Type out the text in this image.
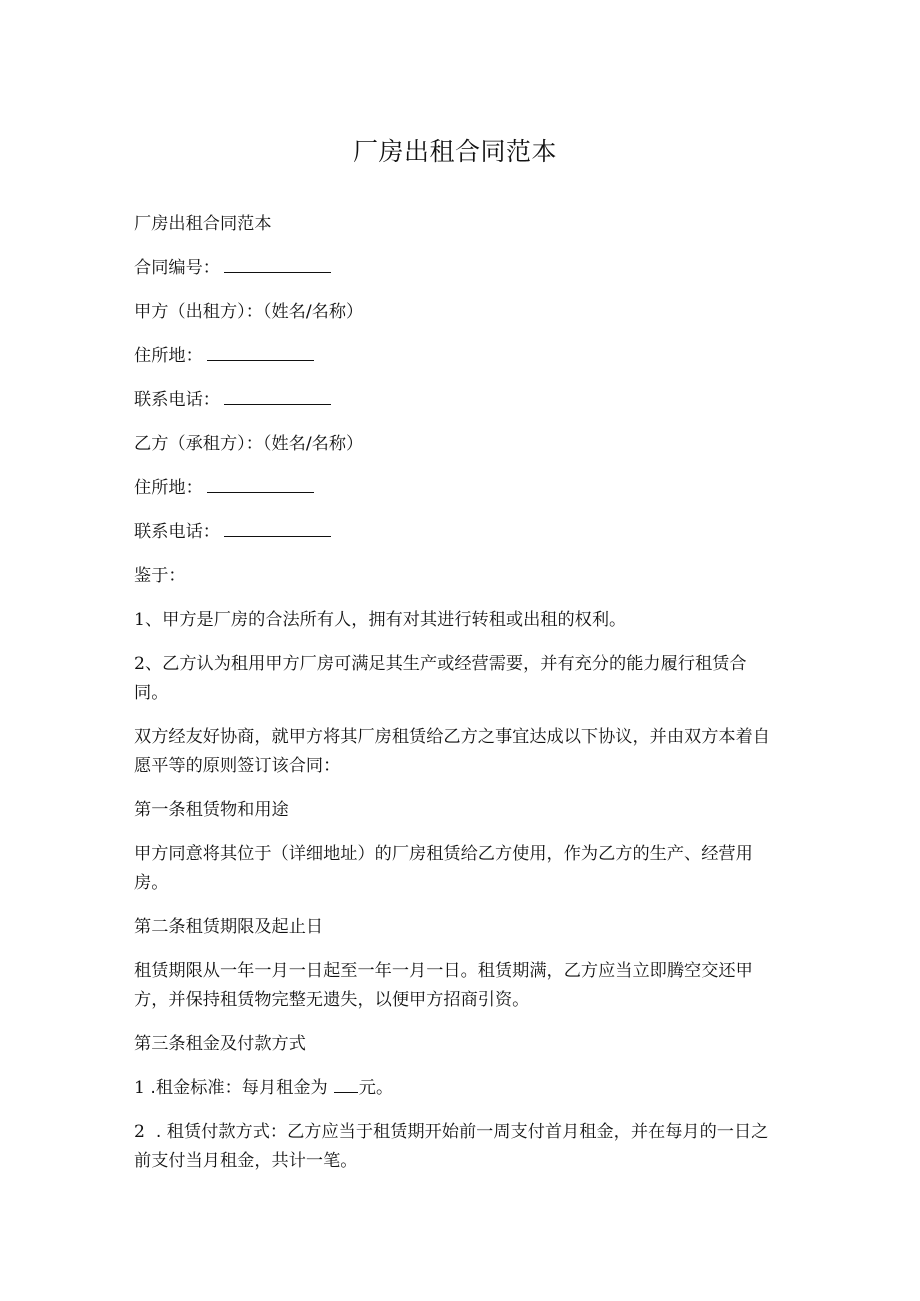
厂房出租合同范本

厂房出租合同范本

合同编号：

甲方（出租方）：（姓名/名称）

住所地：

联系电话：

乙方（承租方）：（姓名/名称）

住所地：

联系电话：

鉴于：

1、甲方是厂房的合法所有人，拥有对其进行转租或出租的权利。

2、乙方认为租用甲方厂房可满足其生产或经营需要，并有充分的能力履行租赁合同。

双方经友好协商，就甲方将其厂房租赁给乙方之事宜达成以下协议，并由双方本着自愿平等的原则签订该合同：

第一条租赁物和用途

甲方同意将其位于（详细地址）的厂房租赁给乙方使用，作为乙方的生产、经营用房。

第二条租赁期限及起止日

租赁期限从一年一月一日起至一年一月一日。租赁期满，乙方应当立即腾空交还甲方，并保持租赁物完整无遗失，以便甲方招商引资。

第三条租金及付款方式

1 .租金标准：每月租金为 元。

2  . 租赁付款方式：乙方应当于租赁期开始前一周支付首月租金，并在每月的一日之前支付当月租金，共计一笔。
